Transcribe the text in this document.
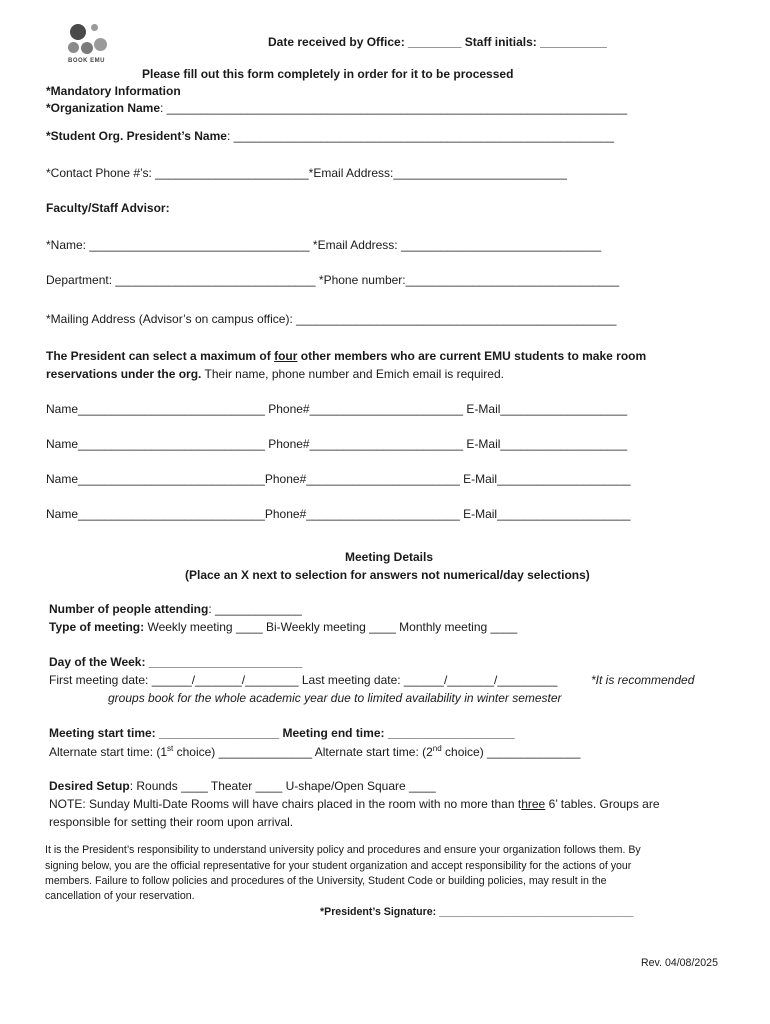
BOOK EMU
Date received by Office: ________ Staff initials: __________
Please fill out this form completely in order for it to be processed
*Mandatory Information
*Organization Name: _____________________________________________________________________
*Student Org. President’s Name: _________________________________________________________
*Contact Phone #’s: _______________________*Email Address:__________________________
Faculty/Staff Advisor:
*Name: _________________________________ *Email Address: ______________________________
Department: ______________________________ *Phone number:________________________________
*Mailing Address (Advisor’s on campus office): ________________________________________________
The President can select a maximum of four other members who are current EMU students to make room
reservations under the org. Their name, phone number and Emich email is required.
Name____________________________ Phone#_______________________ E-Mail___________________
Name____________________________ Phone#_______________________ E-Mail___________________
Name____________________________Phone#_______________________ E-Mail____________________
Name____________________________Phone#_______________________ E-Mail____________________
Meeting Details
(Place an X next to selection for answers not numerical/day selections)
Number of people attending: _____________
Type of meeting: Weekly meeting ____ Bi-Weekly meeting ____ Monthly meeting ____
Day of the Week: _______________________
First meeting date: ______/_______/________ Last meeting date: ______/_______/_________	*It is recommended
groups book for the whole academic year due to limited availability in winter semester
Meeting start time: __________________ Meeting end time: ___________________
Alternate start time: (1st choice) ______________ Alternate start time: (2nd choice) ______________
Desired Setup: Rounds ____ Theater ____ U-shape/Open Square ____
NOTE: Sunday Multi-Date Rooms will have chairs placed in the room with no more than three 6’ tables. Groups are
responsible for setting their room upon arrival.
It is the President’s responsibility to understand university policy and procedures and ensure your organization follows them. By
signing below, you are the official representative for your student organization and accept responsibility for the actions of your
members. Failure to follow policies and procedures of the University, Student Code or building policies, may result in the
cancellation of your reservation.
*President’s Signature: _________________________________
Rev. 04/08/2025
